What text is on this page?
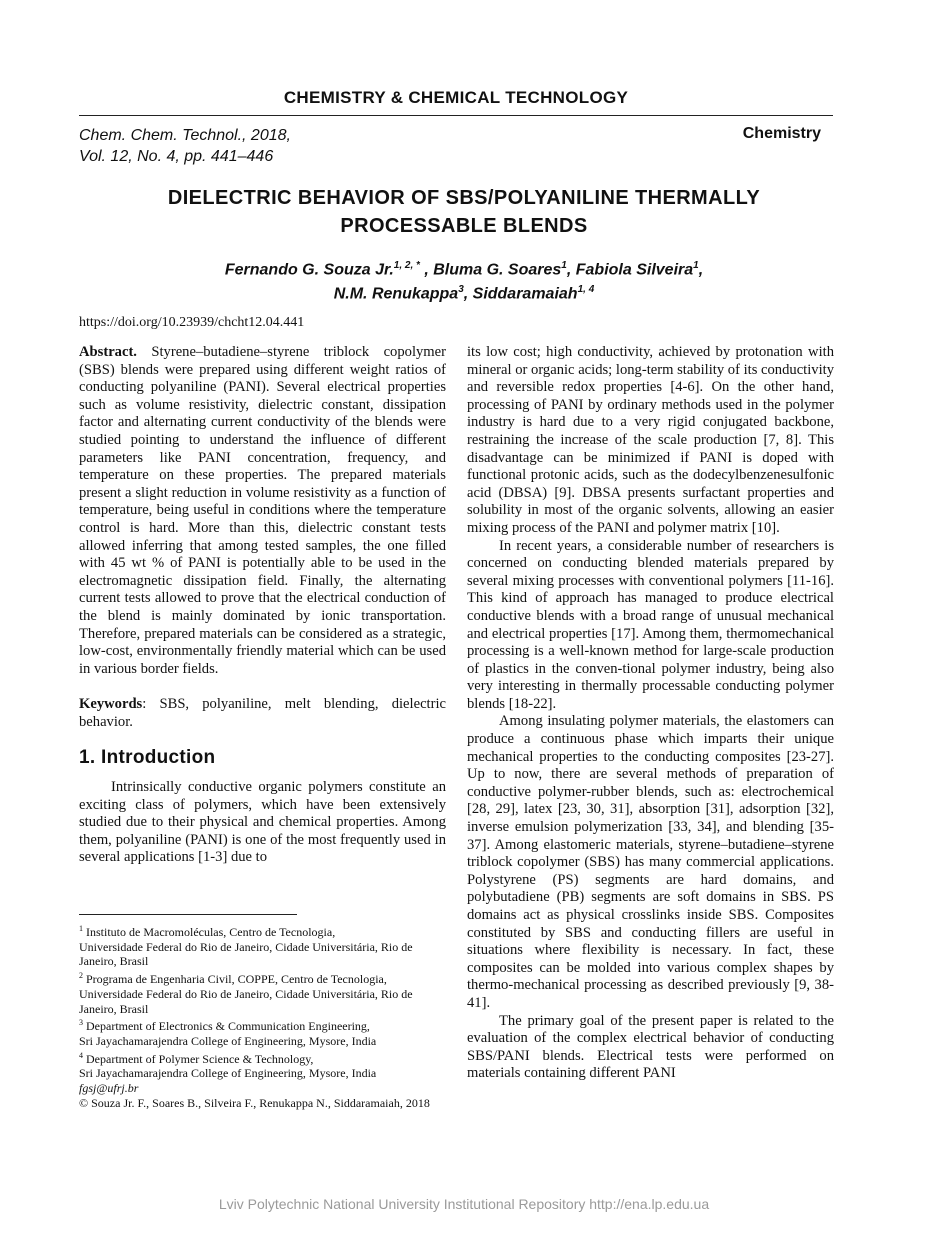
CHEMISTRY & CHEMICAL TECHNOLOGY
Chem. Chem. Technol., 2018,
Vol. 12, No. 4, pp. 441–446
Chemistry
DIELECTRIC BEHAVIOR OF SBS/POLYANILINE THERMALLY
PROCESSABLE BLENDS
Fernando G. Souza Jr.$^{1, 2, *}$ , Bluma G. Soares$^1$, Fabiola Silveira$^1$,
N.M. Renukappa$^3$, Siddaramaiah$^{1, 4}$
https://doi.org/10.23939/chcht12.04.441

Abstract. Styrene–butadiene–styrene triblock copolymer (SBS) blends were prepared using different weight ratios of conducting polyaniline (PANI). Several electrical properties such as volume resistivity, dielectric constant, dissipation factor and alternating current conductivity of the blends were studied pointing to understand the influence of different parameters like PANI concentration, frequency, and temperature on these properties. The prepared materials present a slight reduction in volume resistivity as a function of temperature, being useful in conditions where the temperature control is hard. More than this, dielectric constant tests allowed inferring that among tested samples, the one filled with 45 wt % of PANI is potentially able to be used in the electromagnetic dissipation field. Finally, the alternating current tests allowed to prove that the electrical conduction of the blend is mainly dominated by ionic transportation. Therefore, prepared materials can be considered as a strategic, low-cost, environmentally friendly material which can be used in various border fields.

Keywords: SBS, polyaniline, melt blending, dielectric behavior.

1. Introduction

Intrinsically conductive organic polymers constitute an exciting class of polymers, which have been extensively studied due to their physical and chemical properties. Among them, polyaniline (PANI) is one of the most frequently used in several applications [1-3] due to

$^1$ Instituto de Macromoléculas, Centro de Tecnologia,
Universidade Federal do Rio de Janeiro, Cidade Universitária, Rio de Janeiro, Brasil
$^2$ Programa de Engenharia Civil, COPPE, Centro de Tecnologia,
Universidade Federal do Rio de Janeiro, Cidade Universitária, Rio de Janeiro, Brasil
$^3$ Department of Electronics & Communication Engineering,
Sri Jayachamarajendra College of Engineering, Mysore, India
$^4$ Department of Polymer Science & Technology,
Sri Jayachamarajendra College of Engineering, Mysore, India
fgsj@ufrj.br
© Souza Jr. F., Soares B., Silveira F., Renukappa N., Siddaramaiah, 2018

its low cost; high conductivity, achieved by protonation with mineral or organic acids; long-term stability of its conductivity and reversible redox properties [4-6]. On the other hand, processing of PANI by ordinary methods used in the polymer industry is hard due to a very rigid conjugated backbone, restraining the increase of the scale production [7, 8]. This disadvantage can be minimized if PANI is doped with functional protonic acids, such as the dodecylbenzenesulfonic acid (DBSA) [9]. DBSA presents surfactant properties and solubility in most of the organic solvents, allowing an easier mixing process of the PANI and polymer matrix [10].

In recent years, a considerable number of researchers is concerned on conducting blended materials prepared by several mixing processes with conventional polymers [11-16]. This kind of approach has managed to produce electrical conductive blends with a broad range of unusual mechanical and electrical properties [17]. Among them, thermomechanical processing is a well-known method for large-scale production of plastics in the conven-tional polymer industry, being also very interesting in thermally processable conducting polymer blends [18-22].

Among insulating polymer materials, the elastomers can produce a continuous phase which imparts their unique mechanical properties to the conducting composites [23-27]. Up to now, there are several methods of preparation of conductive polymer-rubber blends, such as: electrochemical [28, 29], latex [23, 30, 31], absorption [31], adsorption [32], inverse emulsion polymerization [33, 34], and blending [35-37]. Among elastomeric materials, styrene–butadiene–styrene triblock copolymer (SBS) has many commercial applications. Polystyrene (PS) segments are hard domains, and polybutadiene (PB) segments are soft domains in SBS. PS domains act as physical crosslinks inside SBS. Composites constituted by SBS and conducting fillers are useful in situations where flexibility is necessary. In fact, these composites can be molded into various complex shapes by thermo-mechanical processing as described previously [9, 38-41].

The primary goal of the present paper is related to the evaluation of the complex electrical behavior of conducting SBS/PANI blends. Electrical tests were performed on materials containing different PANI

Lviv Polytechnic National University Institutional Repository http://ena.lp.edu.ua
